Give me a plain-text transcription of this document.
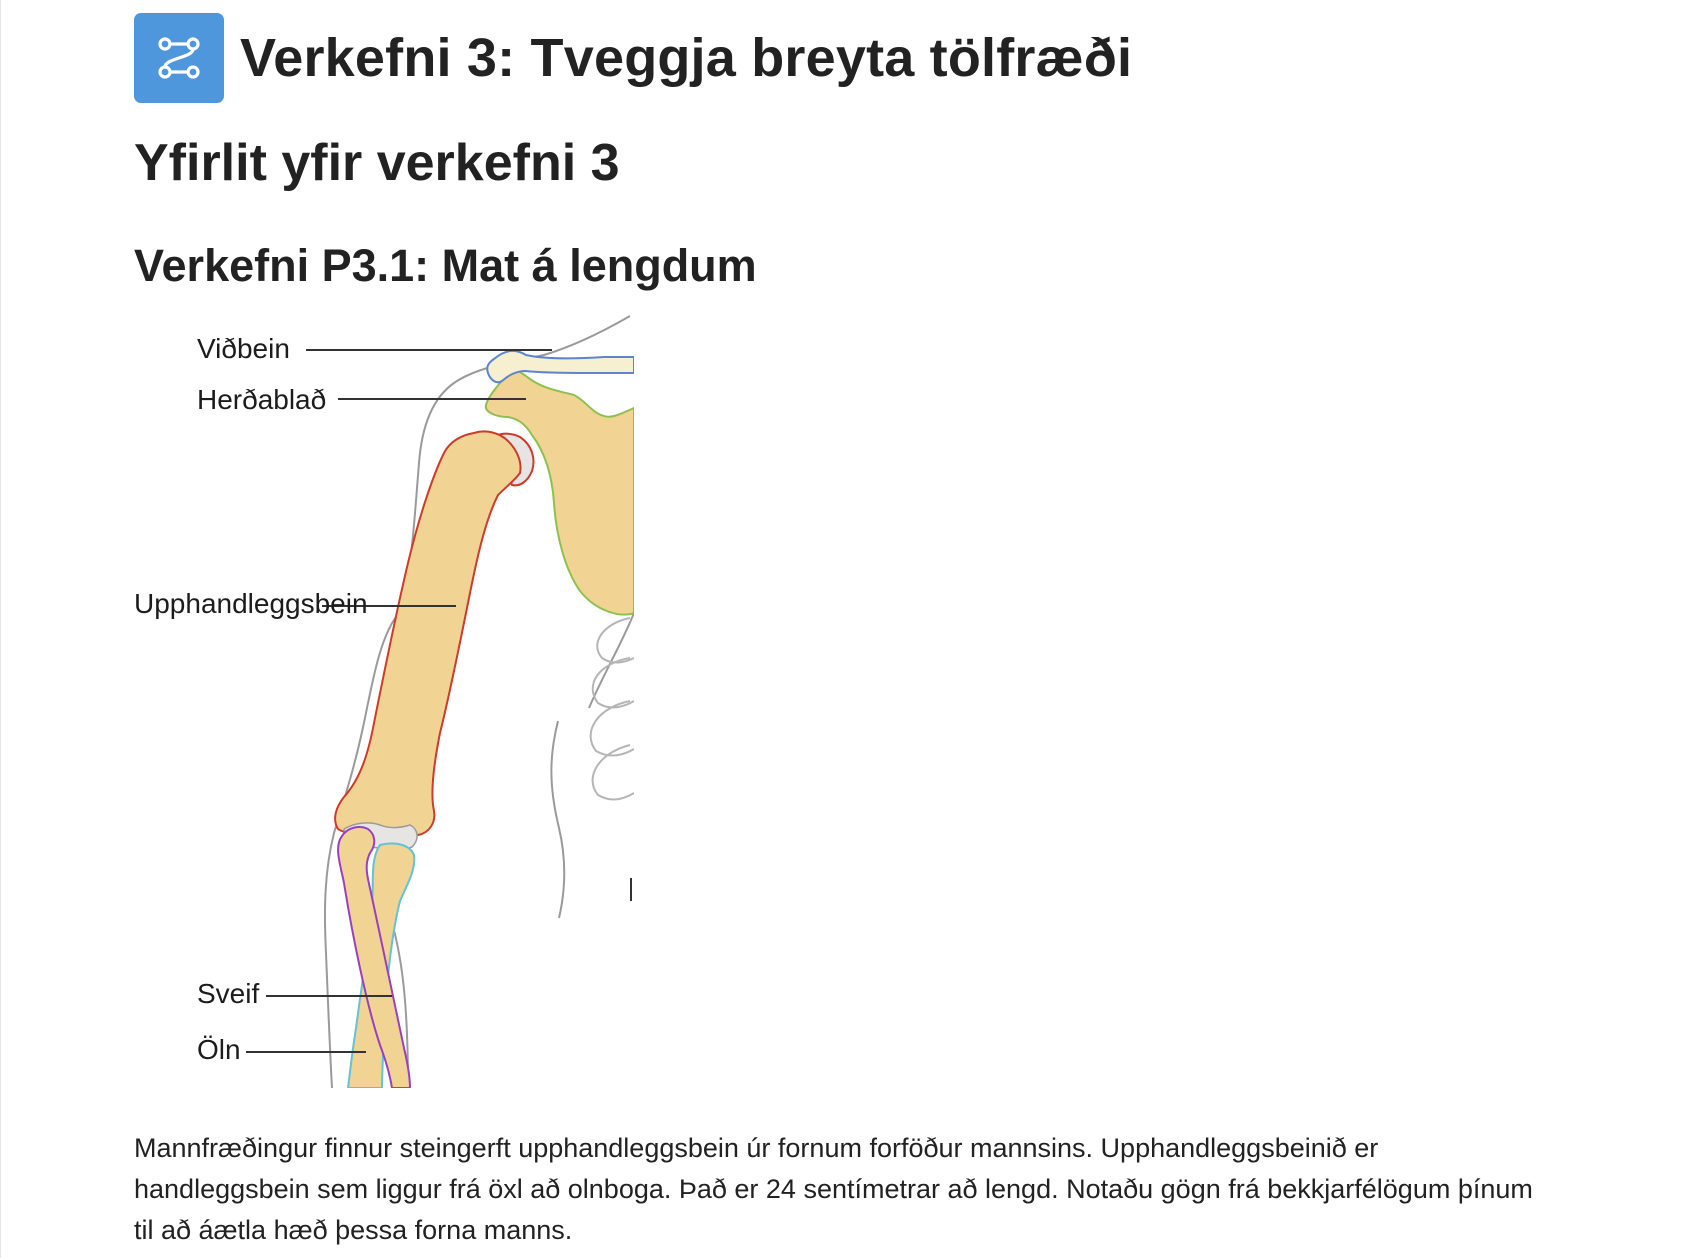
Verkefni 3: Tveggja breyta tölfræði
Yfirlit yfir verkefni 3
Verkefni P3.1: Mat á lengdum
Viðbein
Herðablað
Upphandleggsbein
Sveif
Öln
Mannfræðingur finnur steingerft upphandleggsbein úr fornum forföður mannsins. Upphandleggsbeinið er handleggsbein sem liggur frá öxl að olnboga. Það er 24 sentímetrar að lengd. Notaðu gögn frá bekkjarfélögum þínum til að áætla hæð þessa forna manns.
